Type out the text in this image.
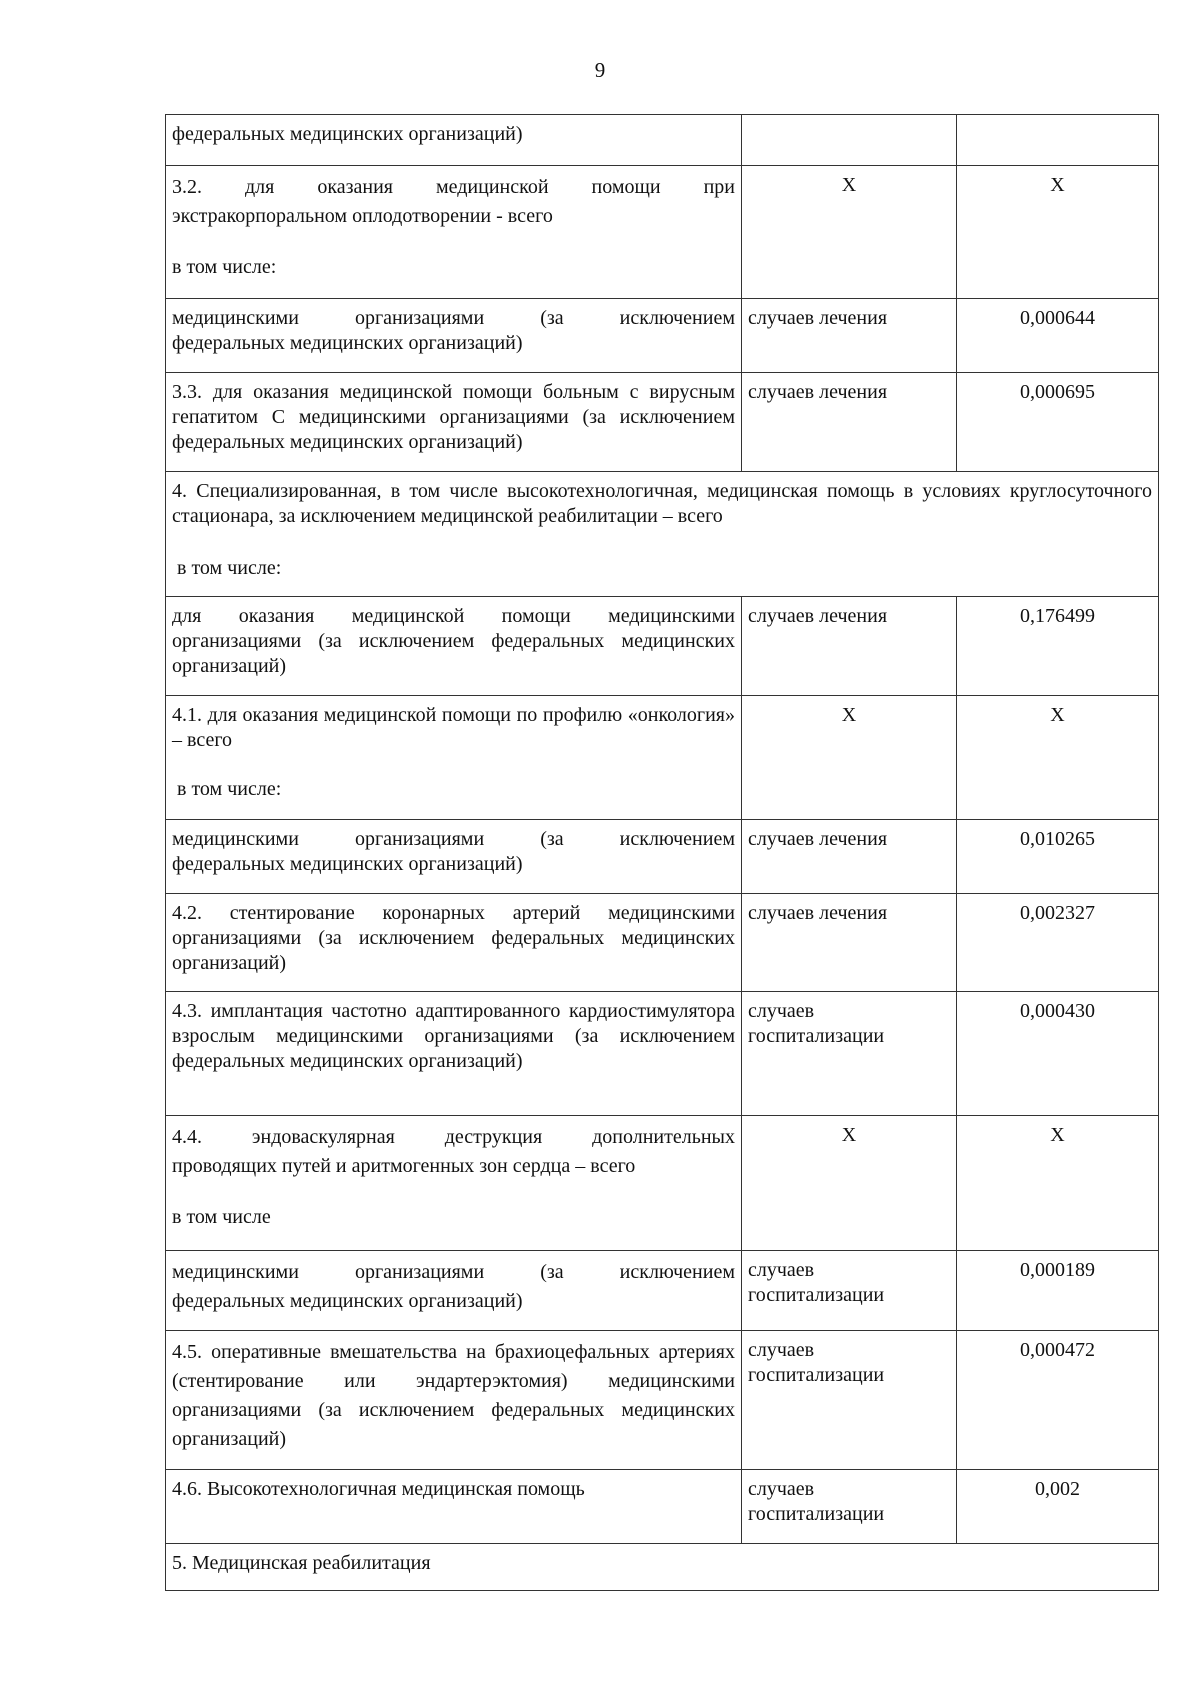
9
федеральных медицинских организаций)		

3.2. для оказания медицинской помощи при
экстракорпоральном оплодотворении - всего
в том числе:	Х	Х

медицинскими организациями (за исключением
федеральных медицинских организаций)	случаев лечения	0,000644
3.3. для оказания медицинской помощи больным с вирусным гепатитом С медицинскими организациями (за исключением федеральных медицинских организаций)	случаев лечения	0,000695

4. Специализированная, в том числе высокотехнологичная, медицинская помощь в условиях круглосуточного стационара, за исключением медицинской реабилитации – всего
в том числе:		

для оказания медицинской помощи медицинскими организациями (за исключением федеральных медицинских организаций)	случаев лечения	0,176499

4.1. для оказания медицинской помощи по профилю «онкология» – всего
в том числе:	Х	Х

медицинскими организациями (за исключением
федеральных медицинских организаций)	случаев лечения	0,010265
4.2. стентирование коронарных артерий медицинскими организациями (за исключением федеральных медицинских организаций)	случаев лечения	0,002327
4.3. имплантация частотно адаптированного кардиостимулятора взрослым медицинскими организациями (за исключением федеральных медицинских организаций)	случаев госпитализации	0,000430

4.4. эндоваскулярная деструкция дополнительных
проводящих путей и аритмогенных зон сердца – всего
в том числе	Х	Х

медицинскими организациями (за исключением
федеральных медицинских организаций)	случаев госпитализации	0,000189
4.5. оперативные вмешательства на брахиоцефальных артериях (стентирование или эндартерэктомия) медицинскими организациями (за исключением федеральных медицинских организаций)	случаев госпитализации	0,000472
4.6. Высокотехнологичная медицинская помощь	случаев госпитализации	0,002
5. Медицинская реабилитация		
